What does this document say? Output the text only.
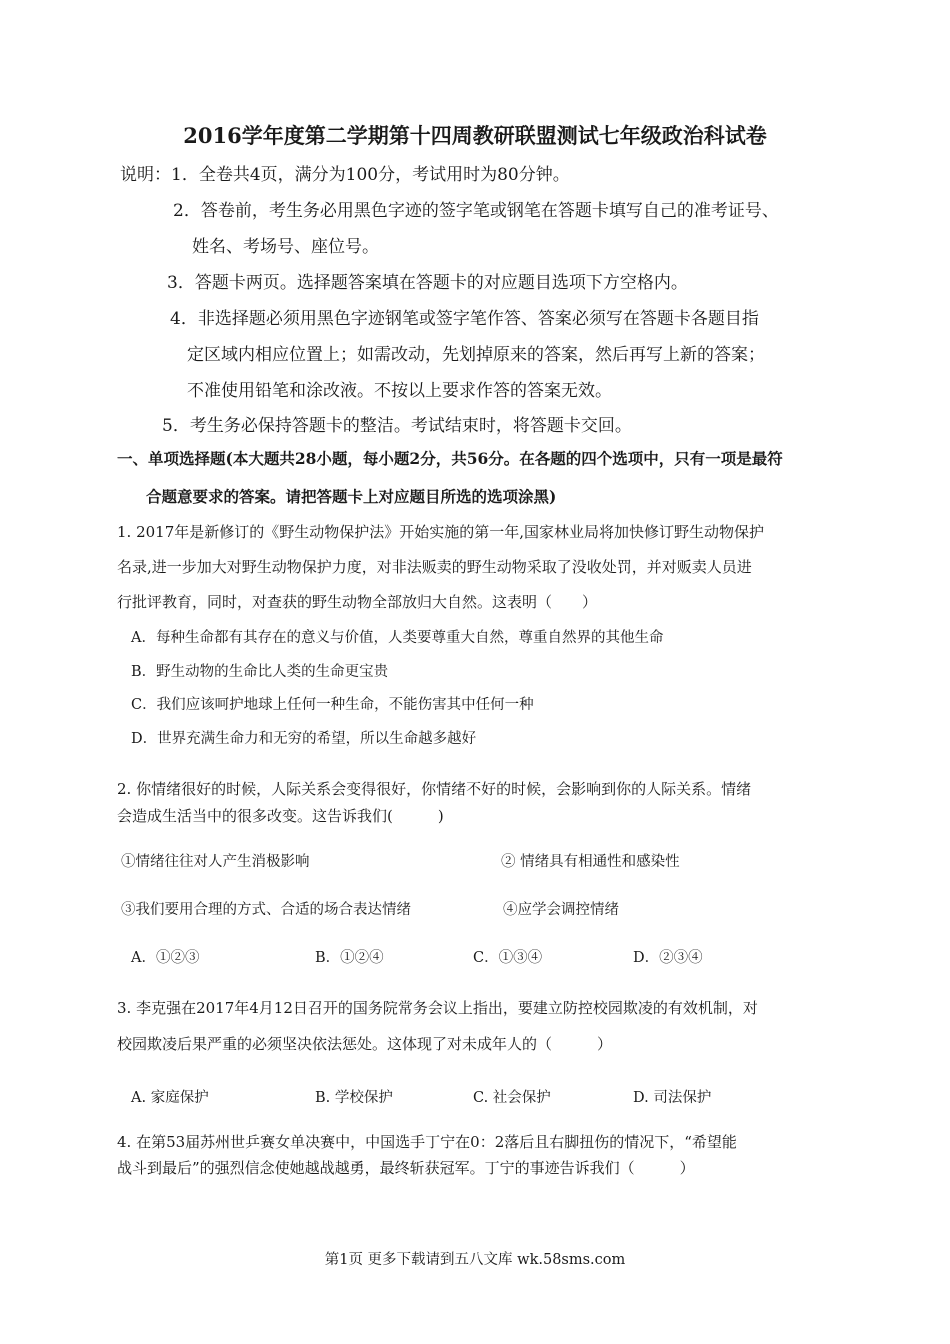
2016学年度第二学期第十四周教研联盟测试七年级政治科试卷
说明：1．全卷共4页，满分为100分，考试用时为80分钟。
2．答卷前，考生务必用黑色字迹的签字笔或钢笔在答题卡填写自己的准考证号、
姓名、考场号、座位号。
3．答题卡两页。选择题答案填在答题卡的对应题目选项下方空格内。
4．非选择题必须用黑色字迹钢笔或签字笔作答、答案必须写在答题卡各题目指
定区域内相应位置上；如需改动，先划掉原来的答案，然后再写上新的答案；
不准使用铅笔和涂改液。不按以上要求作答的答案无效。
5．考生务必保持答题卡的整洁。考试结束时，将答题卡交回。
一、单项选择题(本大题共28小题，每小题2分，共56分。在各题的四个选项中，只有一项是最符
合题意要求的答案。请把答题卡上对应题目所选的选项涂黑)
1. 2017年是新修订的《野生动物保护法》开始实施的第一年,国家林业局将加快修订野生动物保护
名录,进一步加大对野生动物保护力度，对非法贩卖的野生动物采取了没收处罚，并对贩卖人员进
行批评教育，同时，对查获的野生动物全部放归大自然。这表明（　　）
A．每种生命都有其存在的意义与价值，人类要尊重大自然，尊重自然界的其他生命
B．野生动物的生命比人类的生命更宝贵
C．我们应该呵护地球上任何一种生命，不能伤害其中任何一种
D．世界充满生命力和无穷的希望，所以生命越多越好
2. 你情绪很好的时候，人际关系会变得很好，你情绪不好的时候，会影响到你的人际关系。情绪
会造成生活当中的很多改变。这告诉我们(　　　)
①情绪往往对人产生消极影响	② 情绪具有相通性和感染性
③我们要用合理的方式、合适的场合表达情绪	④应学会调控情绪
A．①②③	B．①②④	C．①③④	D．②③④
3. 李克强在2017年4月12日召开的国务院常务会议上指出，要建立防控校园欺凌的有效机制，对
校园欺凌后果严重的必须坚决依法惩处。这体现了对未成年人的（　　　）
A. 家庭保护	B. 学校保护	C. 社会保护	D. 司法保护
4. 在第53届苏州世乒赛女单决赛中，中国选手丁宁在0：2落后且右脚扭伤的情况下，“希望能
战斗到最后”的强烈信念使她越战越勇，最终斩获冠军。丁宁的事迹告诉我们（　　　）
第1页 更多下载请到五八文库 wk.58sms.com
